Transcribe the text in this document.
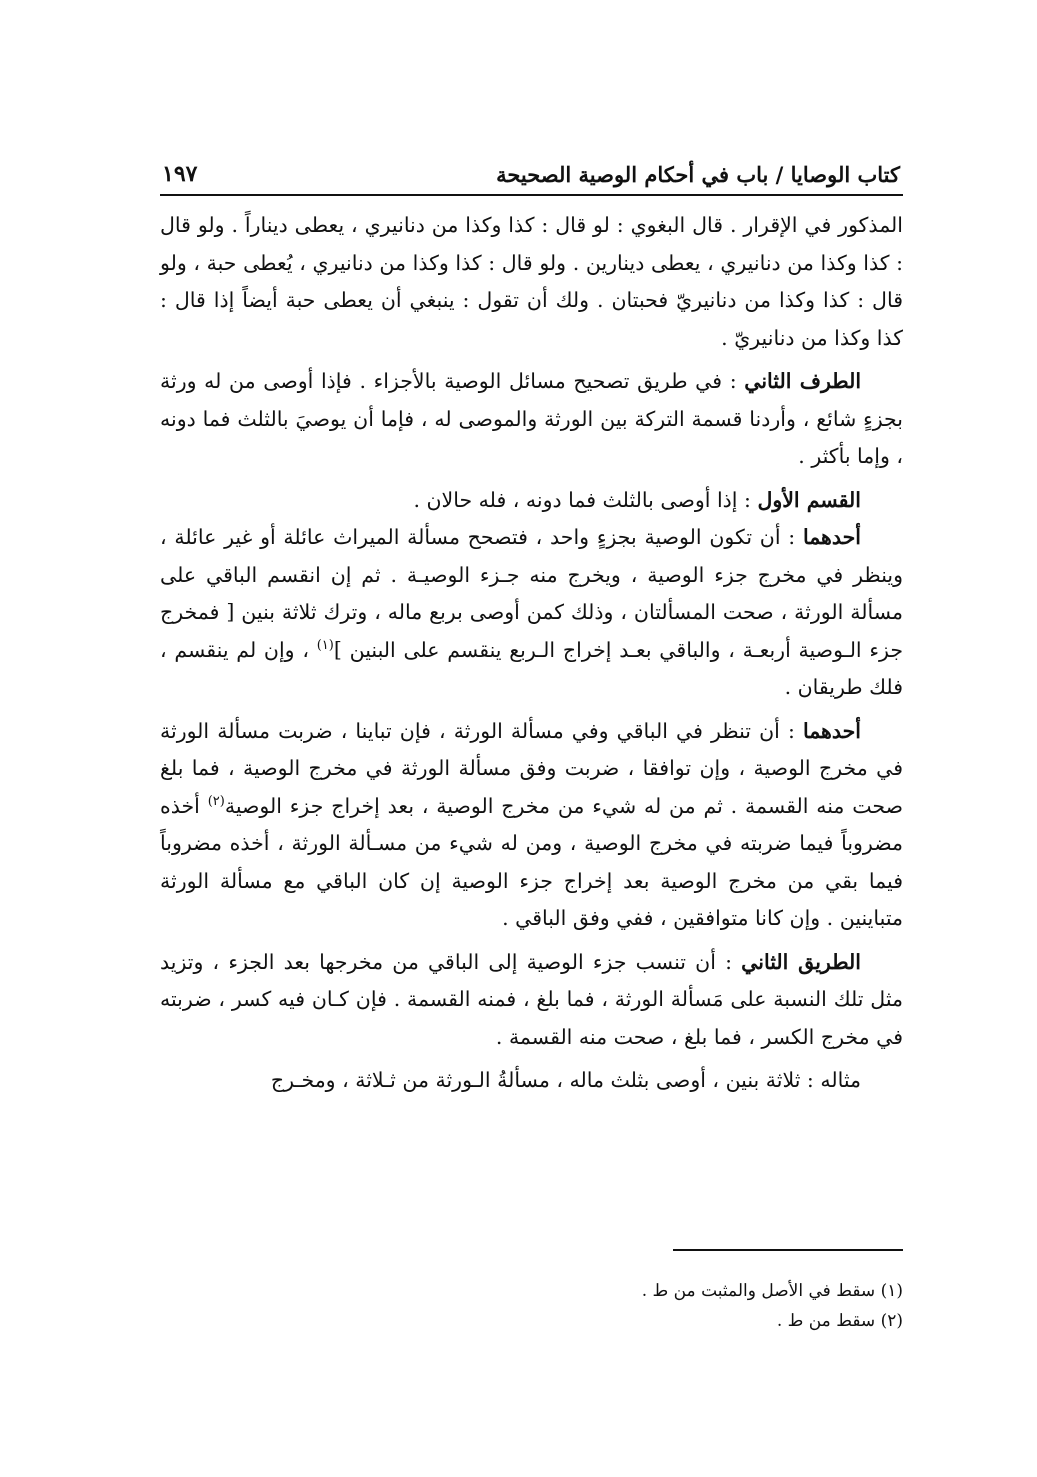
كتاب الوصايا / باب في أحكام الوصية الصحيحة
١٩٧

المذكور في الإقرار . قال البغوي : لو قال : كذا وكذا من دنانيري ، يعطى ديناراً . ولو قال : كذا وكذا من دنانيري ، يعطى دينارين . ولو قال : كذا وكذا من دنانيري ، يُعطى حبة ، ولو قال : كذا وكذا من دنانيريّ فحبتان . ولك أن تقول : ينبغي أن يعطى حبة أيضاً إذا قال : كذا وكذا من دنانيريّ .

الطرف الثاني : في طريق تصحيح مسائل الوصية بالأجزاء . فإذا أوصى من له ورثة بجزءٍ شائع ، وأردنا قسمة التركة بين الورثة والموصى له ، فإما أن يوصيَ بالثلث فما دونه ، وإما بأكثر .

القسم الأول : إذا أوصى بالثلث فما دونه ، فله حالان .

أحدهما : أن تكون الوصية بجزءٍ واحد ، فتصحح مسألة الميراث عائلة أو غير عائلة ، وينظر في مخرج جزء الوصية ، ويخرج منه جـزء الوصيـة . ثم إن انقسم الباقي على مسألة الورثة ، صحت المسألتان ، وذلك كمن أوصى بربع ماله ، وترك ثلاثة بنين [ فمخرج جزء الـوصية أربعـة ، والباقي بعـد إخراج الـربع ينقسم على البنين ]$^{(١)}$ ، وإن لم ينقسم ، فلك طريقان .

أحدهما : أن تنظر في الباقي وفي مسألة الورثة ، فإن تباينا ، ضربت مسألة الورثة في مخرج الوصية ، وإن توافقا ، ضربت وفق مسألة الورثة في مخرج الوصية ، فما بلغ صحت منه القسمة . ثم من له شيء من مخرج الوصية ، بعد إخراج جزء الوصية$^{(٢)}$ أخذه مضروباً فيما ضربته في مخرج الوصية ، ومن له شيء من مسـألة الورثة ، أخذه مضروباً فيما بقي من مخرج الوصية بعد إخراج جزء الوصية إن كان الباقي مع مسألة الورثة متباينين . وإن كانا متوافقين ، ففي وفق الباقي .

الطريق الثاني : أن تنسب جزء الوصية إلى الباقي من مخرجها بعد الجزء ، وتزيد مثل تلك النسبة على مَسألة الورثة ، فما بلغ ، فمنه القسمة . فإن كـان فيه كسر ، ضربته في مخرج الكسر ، فما بلغ ، صحت منه القسمة .

مثاله : ثلاثة بنين ، أوصى بثلث ماله ، مسألةُ الـورثة من ثـلاثة ، ومخـرج

(١) سقط في الأصل والمثبت من ط .

(٢) سقط من ط .
